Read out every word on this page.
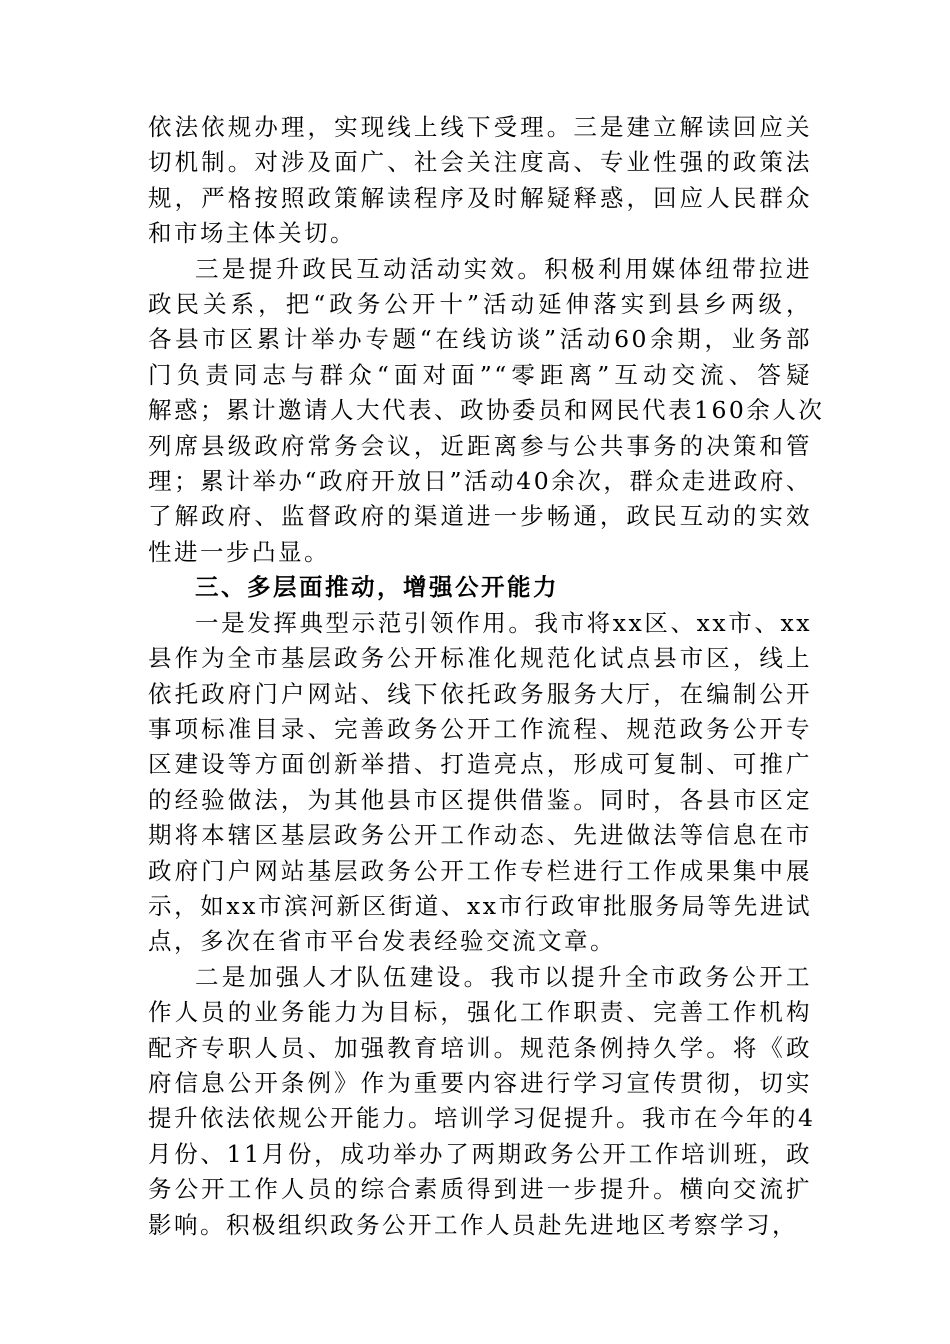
依法依规办理，实现线上线下受理。三是建立解读回应关
切机制。对涉及面广、社会关注度高、专业性强的政策法
规，严格按照政策解读程序及时解疑释惑，回应人民群众
和市场主体关切。
三是提升政民互动活动实效。积极利用媒体纽带拉进
政民关系，把“政务公开十”活动延伸落实到县乡两级，
各县市区累计举办专题“在线访谈”活动60余期，业务部
门负责同志与群众“面对面”“零距离”互动交流、答疑
解惑；累计邀请人大代表、政协委员和网民代表160余人次
列席县级政府常务会议，近距离参与公共事务的决策和管
理；累计举办“政府开放日”活动40余次，群众走进政府、
了解政府、监督政府的渠道进一步畅通，政民互动的实效
性进一步凸显。
三、多层面推动，增强公开能力
一是发挥典型示范引领作用。我市将xx区、xx市、xx
县作为全市基层政务公开标准化规范化试点县市区，线上
依托政府门户网站、线下依托政务服务大厅，在编制公开
事项标准目录、完善政务公开工作流程、规范政务公开专
区建设等方面创新举措、打造亮点，形成可复制、可推广
的经验做法，为其他县市区提供借鉴。同时，各县市区定
期将本辖区基层政务公开工作动态、先进做法等信息在市
政府门户网站基层政务公开工作专栏进行工作成果集中展
示，如xx市滨河新区街道、xx市行政审批服务局等先进试
点，多次在省市平台发表经验交流文章。
二是加强人才队伍建设。我市以提升全市政务公开工
作人员的业务能力为目标，强化工作职责、完善工作机构
配齐专职人员、加强教育培训。规范条例持久学。将《政
府信息公开条例》作为重要内容进行学习宣传贯彻，切实
提升依法依规公开能力。培训学习促提升。我市在今年的4
月份、11月份，成功举办了两期政务公开工作培训班，政
务公开工作人员的综合素质得到进一步提升。横向交流扩
影响。积极组织政务公开工作人员赴先进地区考察学习，
